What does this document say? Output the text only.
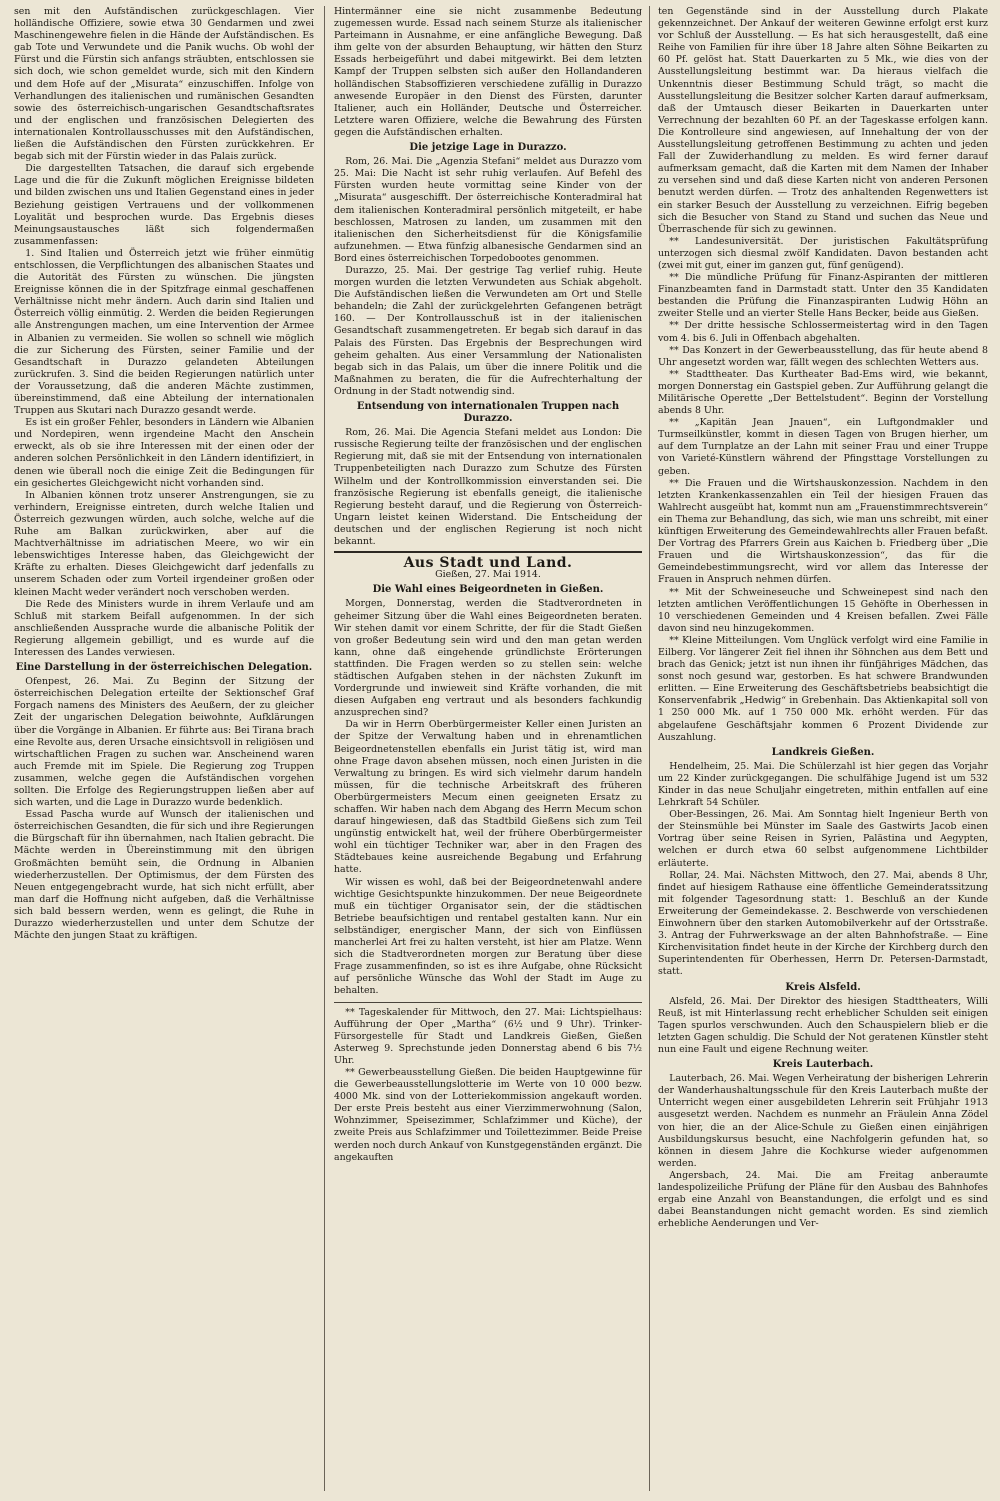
sen mit den Aufständischen zurückgeschlagen. Vier holländische Offiziere, sowie etwa 30 Gendarmen und zwei Maschinengewehre fielen in die Hände der Aufständischen. Es gab Tote und Verwundete und die Panik wuchs. Ob wohl der Fürst und die Fürstin sich anfangs sträubten, entschlossen sie sich doch, wie schon gemeldet wurde, sich mit den Kindern und dem Hofe auf der „Misurata“ einzuschiffen. Infolge von Verhandlungen des italienischen und rumänischen Gesandten sowie des österreichisch-ungarischen Gesandtschaftsrates und der englischen und französischen Delegierten des internationalen Kontrollausschusses mit den Aufständischen, ließen die Aufständischen den Fürsten zurückkehren. Er begab sich mit der Fürstin wieder in das Palais zurück.

Die dargestellten Tatsachen, die darauf sich ergebende Lage und die für die Zukunft möglichen Ereignisse bildeten und bilden zwischen uns und Italien Gegenstand eines in jeder Beziehung geistigen Vertrauens und der vollkommenen Loyalität und besprochen wurde. Das Ergebnis dieses Meinungsaustausches läßt sich folgendermaßen zusammenfassen:

1. Sind Italien und Österreich jetzt wie früher einmütig entschlossen, die Verpflichtungen des albanischen Staates und die Autorität des Fürsten zu wünschen. Die jüngsten Ereignisse können die in der Spitzfrage einmal geschaffenen Verhältnisse nicht mehr ändern. Auch darin sind Italien und Österreich völlig einmütig. 2. Werden die beiden Regierungen alle Anstrengungen machen, um eine Intervention der Armee in Albanien zu vermeiden. Sie wollen so schnell wie möglich die zur Sicherung des Fürsten, seiner Familie und der Gesandtschaft in Durazzo gelandeten Abteilungen zurückrufen. 3. Sind die beiden Regierungen natürlich unter der Voraussetzung, daß die anderen Mächte zustimmen, übereinstimmend, daß eine Abteilung der internationalen Truppen aus Skutari nach Durazzo gesandt werde.

Es ist ein großer Fehler, besonders in Ländern wie Albanien und Nordepiren, wenn irgendeine Macht den Anschein erweckt, als ob sie ihre Interessen mit der einen oder der anderen solchen Persönlichkeit in den Ländern identifiziert, in denen wie überall noch die einige Zeit die Bedingungen für ein gesichertes Gleichgewicht nicht vorhanden sind.

In Albanien können trotz unserer Anstrengungen, sie zu verhindern, Ereignisse eintreten, durch welche Italien und Österreich gezwungen würden, auch solche, welche auf die Ruhe am Balkan zurückwirken, aber auf die Machtverhältnisse im adriatischen Meere, wo wir ein lebenswichtiges Interesse haben, das Gleichgewicht der Kräfte zu erhalten. Dieses Gleichgewicht darf jedenfalls zu unserem Schaden oder zum Vorteil irgendeiner großen oder kleinen Macht weder verändert noch verschoben werden.

Die Rede des Ministers wurde in ihrem Verlaufe und am Schluß mit starkem Beifall aufgenommen. In der sich anschließenden Aussprache wurde die albanische Politik der Regierung allgemein gebilligt, und es wurde auf die Interessen des Landes verwiesen.

Eine Darstellung in der österreichischen Delegation.

Ofenpest, 26. Mai. Zu Beginn der Sitzung der österreichischen Delegation erteilte der Sektionschef Graf Forgach namens des Ministers des Aeußern, der zu gleicher Zeit der ungarischen Delegation beiwohnte, Aufklärungen über die Vorgänge in Albanien. Er führte aus: Bei Tirana brach eine Revolte aus, deren Ursache einsichtsvoll in religiösen und wirtschaftlichen Fragen zu suchen war. Anscheinend waren auch Fremde mit im Spiele. Die Regierung zog Truppen zusammen, welche gegen die Aufständischen vorgehen sollten. Die Erfolge des Regierungstruppen ließen aber auf sich warten, und die Lage in Durazzo wurde bedenklich.

Essad Pascha wurde auf Wunsch der italienischen und österreichischen Gesandten, die für sich und ihre Regierungen die Bürgschaft für ihn übernahmen, nach Italien gebracht. Die Mächte werden in Übereinstimmung mit den übrigen Großmächten bemüht sein, die Ordnung in Albanien wiederherzustellen. Der Optimismus, der dem Fürsten des Neuen entgegengebracht wurde, hat sich nicht erfüllt, aber man darf die Hoffnung nicht aufgeben, daß die Verhältnisse sich bald bessern werden, wenn es gelingt, die Ruhe in Durazzo wiederherzustellen und unter dem Schutze der Mächte den jungen Staat zu kräftigen.

Hintermänner eine sie nicht zusammenbe Bedeutung zugemessen wurde. Essad nach seinem Sturze als italienischer Parteimann in Ausnahme, er eine anfängliche Bewegung. Daß ihm gelte von der absurden Behauptung, wir hätten den Sturz Essads herbeigeführt und dabei mitgewirkt. Bei dem letzten Kampf der Truppen selbsten sich außer den Hollandanderen holländischen Stabsoffizieren verschiedene zufällig in Durazzo anwesende Europäer in den Dienst des Fürsten, darunter Italiener, auch ein Holländer, Deutsche und Österreicher. Letztere waren Offiziere, welche die Bewahrung des Fürsten gegen die Aufständischen erhalten.

Die jetzige Lage in Durazzo.

Rom, 26. Mai. Die „Agenzia Stefani“ meldet aus Durazzo vom 25. Mai: Die Nacht ist sehr ruhig verlaufen. Auf Befehl des Fürsten wurden heute vormittag seine Kinder von der „Misurata“ ausgeschifft. Der österreichische Konteradmiral hat dem italienischen Konteradmiral persönlich mitgeteilt, er habe beschlossen, Matrosen zu landen, um zusammen mit den italienischen den Sicherheitsdienst für die Königsfamilie aufzunehmen. — Etwa fünfzig albanesische Gendarmen sind an Bord eines österreichischen Torpedobootes genommen.

Durazzo, 25. Mai. Der gestrige Tag verlief ruhig. Heute morgen wurden die letzten Verwundeten aus Schiak abgeholt. Die Aufständischen ließen die Verwundeten am Ort und Stelle behandeln; die Zahl der zurückgelehrten Gefangenen beträgt 160. — Der Kontrollausschuß ist in der italienischen Gesandtschaft zusammengetreten. Er begab sich darauf in das Palais des Fürsten. Das Ergebnis der Besprechungen wird geheim gehalten. Aus einer Versammlung der Nationalisten begab sich in das Palais, um über die innere Politik und die Maßnahmen zu beraten, die für die Aufrechterhaltung der Ordnung in der Stadt notwendig sind.

Entsendung von internationalen Truppen nach Durazzo.

Rom, 26. Mai. Die Agencia Stefani meldet aus London: Die russische Regierung teilte der französischen und der englischen Regierung mit, daß sie mit der Entsendung von internationalen Truppenbeteiligten nach Durazzo zum Schutze des Fürsten Wilhelm und der Kontrollkommission einverstanden sei. Die französische Regierung ist ebenfalls geneigt, die italienische Regierung besteht darauf, und die Regierung von Österreich-Ungarn leistet keinen Widerstand. Die Entscheidung der deutschen und der englischen Regierung ist noch nicht bekannt.

Aus Stadt und Land.
Gießen, 27. Mai 1914.
Die Wahl eines Beigeordneten in Gießen.

Morgen, Donnerstag, werden die Stadtverordneten in geheimer Sitzung über die Wahl eines Beigeordneten beraten. Wir stehen damit vor einem Schritte, der für die Stadt Gießen von großer Bedeutung sein wird und den man getan werden kann, ohne daß eingehende gründlichste Erörterungen stattfinden. Die Fragen werden so zu stellen sein: welche städtischen Aufgaben stehen in der nächsten Zukunft im Vordergrunde und inwieweit sind Kräfte vorhanden, die mit diesen Aufgaben eng vertraut und als besonders fachkundig anzusprechen sind?

Da wir in Herrn Oberbürgermeister Keller einen Juristen an der Spitze der Verwaltung haben und in ehrenamtlichen Beigeordnetenstellen ebenfalls ein Jurist tätig ist, wird man ohne Frage davon absehen müssen, noch einen Juristen in die Verwaltung zu bringen. Es wird sich vielmehr darum handeln müssen, für die technische Arbeitskraft des früheren Oberbürgermeisters Mecum einen geeigneten Ersatz zu schaffen. Wir haben nach dem Abgang des Herrn Mecum schon darauf hingewiesen, daß das Stadtbild Gießens sich zum Teil ungünstig entwickelt hat, weil der frühere Oberbürgermeister wohl ein tüchtiger Techniker war, aber in den Fragen des Städtebaues keine ausreichende Begabung und Erfahrung hatte.

Wir wissen es wohl, daß bei der Beigeordnetenwahl andere wichtige Gesichtspunkte hinzukommen. Der neue Beigeordnete muß ein tüchtiger Organisator sein, der die städtischen Betriebe beaufsichtigen und rentabel gestalten kann. Nur ein selbständiger, energischer Mann, der sich von Einflüssen mancherlei Art frei zu halten versteht, ist hier am Platze. Wenn sich die Stadtverordneten morgen zur Beratung über diese Frage zusammenfinden, so ist es ihre Aufgabe, ohne Rücksicht auf persönliche Wünsche das Wohl der Stadt im Auge zu behalten.

** Tageskalender für Mittwoch, den 27. Mai: Lichtspielhaus: Aufführung der Oper „Martha“ (6½ und 9 Uhr). Trinker-Fürsorgestelle für Stadt und Landkreis Gießen, Gießen Asterweg 9. Sprechstunde jeden Donnerstag abend 6 bis 7½ Uhr.

** Gewerbeausstellung Gießen. Die beiden Hauptgewinne für die Gewerbeausstellungslotterie im Werte von 10 000 bezw. 4000 Mk. sind von der Lotteriekommission angekauft worden. Der erste Preis besteht aus einer Vierzimmerwohnung (Salon, Wohnzimmer, Speisezimmer, Schlafzimmer und Küche), der zweite Preis aus Schlafzimmer und Toilettezimmer. Beide Preise werden noch durch Ankauf von Kunstgegenständen ergänzt. Die angekauften

ten Gegenstände sind in der Ausstellung durch Plakate gekennzeichnet. Der Ankauf der weiteren Gewinne erfolgt erst kurz vor Schluß der Ausstellung. — Es hat sich herausgestellt, daß eine Reihe von Familien für ihre über 18 Jahre alten Söhne Beikarten zu 60 Pf. gelöst hat. Statt Dauerkarten zu 5 Mk., wie dies von der Ausstellungsleitung bestimmt war. Da hieraus vielfach die Unkenntnis dieser Bestimmung Schuld trägt, so macht die Ausstellungsleitung die Besitzer solcher Karten darauf aufmerksam, daß der Umtausch dieser Beikarten in Dauerkarten unter Verrechnung der bezahlten 60 Pf. an der Tageskasse erfolgen kann. Die Kontrolleure sind angewiesen, auf Innehaltung der von der Ausstellungsleitung getroffenen Bestimmung zu achten und jeden Fall der Zuwiderhandlung zu melden. Es wird ferner darauf aufmerksam gemacht, daß die Karten mit dem Namen der Inhaber zu versehen sind und daß diese Karten nicht von anderen Personen benutzt werden dürfen. — Trotz des anhaltenden Regenwetters ist ein starker Besuch der Ausstellung zu verzeichnen. Eifrig begeben sich die Besucher von Stand zu Stand und suchen das Neue und Überraschende für sich zu gewinnen.

** Landesuniversität. Der juristischen Fakultätsprüfung unterzogen sich diesmal zwölf Kandidaten. Davon bestanden acht (zwei mit gut, einer im ganzen gut, fünf genügend).

** Die mündliche Prüfung für Finanz-Aspiranten der mittleren Finanzbeamten fand in Darmstadt statt. Unter den 35 Kandidaten bestanden die Prüfung die Finanzaspiranten Ludwig Höhn an zweiter Stelle und an vierter Stelle Hans Becker, beide aus Gießen.

** Der dritte hessische Schlossermeistertag wird in den Tagen vom 4. bis 6. Juli in Offenbach abgehalten.

** Das Konzert in der Gewerbeausstellung, das für heute abend 8 Uhr angesetzt worden war, fällt wegen des schlechten Wetters aus.

** Stadttheater. Das Kurtheater Bad-Ems wird, wie bekannt, morgen Donnerstag ein Gastspiel geben. Zur Aufführung gelangt die Militärische Operette „Der Bettelstudent“. Beginn der Vorstellung abends 8 Uhr.

** „Kapitän Jean Jnauen“, ein Luftgondmakler und Turmseilkünstler, kommt in diesen Tagen von Brugen hierher, um auf dem Turnplatze an der Lahn mit seiner Frau und einer Truppe von Varieté-Künstlern während der Pfingsttage Vorstellungen zu geben.

** Die Frauen und die Wirtshauskonzession. Nachdem in den letzten Krankenkassenzahlen ein Teil der hiesigen Frauen das Wahlrecht ausgeübt hat, kommt nun am „Frauenstimmrechtsverein“ ein Thema zur Behandlung, das sich, wie man uns schreibt, mit einer künftigen Erweiterung des Gemeindewahlrechts aller Frauen befaßt. Der Vortrag des Pfarrers Grein aus Kaichen b. Friedberg über „Die Frauen und die Wirtshauskonzession“, das für die Gemeindebestimmungsrecht, wird vor allem das Interesse der Frauen in Anspruch nehmen dürfen.

** Mit der Schweineseuche und Schweinepest sind nach den letzten amtlichen Veröffentlichungen 15 Gehöfte in Oberhessen in 10 verschiedenen Gemeinden und 4 Kreisen befallen. Zwei Fälle davon sind neu hinzugekommen.

** Kleine Mitteilungen. Vom Unglück verfolgt wird eine Familie in Eilberg. Vor längerer Zeit fiel ihnen ihr Söhnchen aus dem Bett und brach das Genick; jetzt ist nun ihnen ihr fünfjähriges Mädchen, das sonst noch gesund war, gestorben. Es hat schwere Brandwunden erlitten. — Eine Erweiterung des Geschäftsbetriebs beabsichtigt die Konservenfabrik „Hedwig“ in Grebenhain. Das Aktienkapital soll von 1 250 000 Mk. auf 1 750 000 Mk. erhöht werden. Für das abgelaufene Geschäftsjahr kommen 6 Prozent Dividende zur Auszahlung.

Landkreis Gießen.

Hendelheim, 25. Mai. Die Schülerzahl ist hier gegen das Vorjahr um 22 Kinder zurückgegangen. Die schulfähige Jugend ist um 532 Kinder in das neue Schuljahr eingetreten, mithin entfallen auf eine Lehrkraft 54 Schüler.

Ober-Bessingen, 26. Mai. Am Sonntag hielt Ingenieur Berth von der Steinsmühle bei Münster im Saale des Gastwirts Jacob einen Vortrag über seine Reisen in Syrien, Palästina und Aegypten, welchen er durch etwa 60 selbst aufgenommene Lichtbilder erläuterte.

Rollar, 24. Mai. Nächsten Mittwoch, den 27. Mai, abends 8 Uhr, findet auf hiesigem Rathause eine öffentliche Gemeinderatssitzung mit folgender Tagesordnung statt: 1. Beschluß an der Kunde Erweiterung der Gemeindekasse. 2. Beschwerde von verschiedenen Einwohnern über den starken Automobilverkehr auf der Ortsstraße. 3. Antrag der Fuhrwerkswage an der alten Bahnhofstraße. — Eine Kirchenvisitation findet heute in der Kirche der Kirchberg durch den Superintendenten für Oberhessen, Herrn Dr. Petersen-Darmstadt, statt.

Kreis Alsfeld.

Alsfeld, 26. Mai. Der Direktor des hiesigen Stadttheaters, Willi Reuß, ist mit Hinterlassung recht erheblicher Schulden seit einigen Tagen spurlos verschwunden. Auch den Schauspielern blieb er die letzten Gagen schuldig. Die Schuld der Not geratenen Künstler steht nun eine Fault und eigene Rechnung weiter.

Kreis Lauterbach.

Lauterbach, 26. Mai. Wegen Verheiratung der bisherigen Lehrerin der Wanderhaushaltungsschule für den Kreis Lauterbach mußte der Unterricht wegen einer ausgebildeten Lehrerin seit Frühjahr 1913 ausgesetzt werden. Nachdem es nunmehr an Fräulein Anna Zödel von hier, die an der Alice-Schule zu Gießen einen einjährigen Ausbildungskursus besucht, eine Nachfolgerin gefunden hat, so können in diesem Jahre die Kochkurse wieder aufgenommen werden.

Angersbach, 24. Mai. Die am Freitag anberaumte landespolizeiliche Prüfung der Pläne für den Ausbau des Bahnhofes ergab eine Anzahl von Beanstandungen, die erfolgt und es sind dabei Beanstandungen nicht gemacht worden. Es sind ziemlich erhebliche Aenderungen und Ver-
